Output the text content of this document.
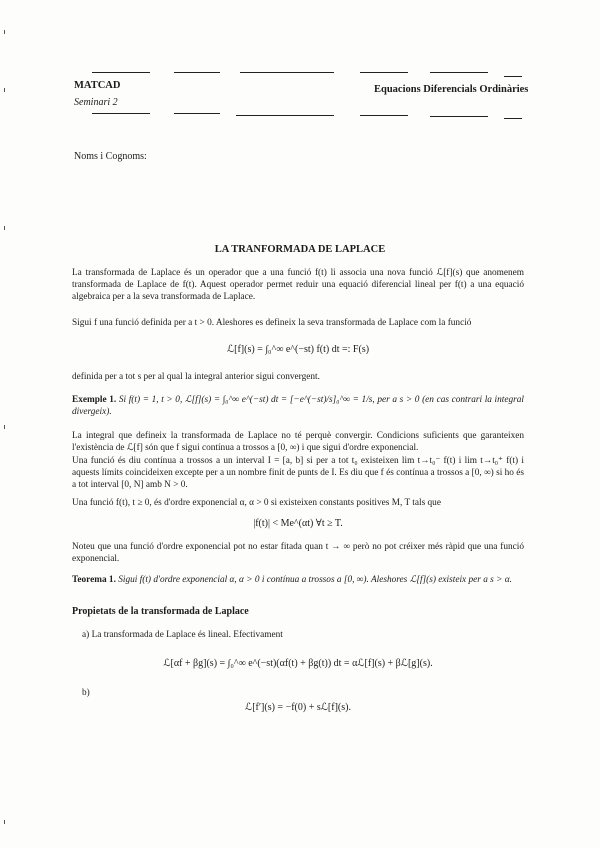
MATCAD	Equacions Diferencials Ordinàries
Seminari 2
Noms i Cognoms:
LA TRANFORMADA DE LAPLACE
La transformada de Laplace és un operador que a una funció f(t) li associa una nova funció ℒ[f](s) que anomenem transformada de Laplace de f(t). Aquest operador permet reduir una equació diferencial lineal per f(t) a una equació algebraica per a la seva transformada de Laplace.
Sigui f una funció definida per a t > 0. Aleshores es defineix la seva transformada de Laplace com la funció
ℒ[f](s) = ∫₀^∞ e^(−st) f(t) dt =: F(s)
definida per a tot s per al qual la integral anterior sigui convergent.
Exemple 1. Si f(t) = 1, t > 0, ℒ[f](s) = ∫₀^∞ e^(−st) dt = [−e^(−st)/s]₀^∞ = 1/s, per a s > 0 (en cas contrari la integral divergeix).
La integral que defineix la transformada de Laplace no té perquè convergir. Condicions suficients que garanteixen l'existència de ℒ[f] són que f sigui contínua a trossos a [0, ∞) i que sigui d'ordre exponencial.
Una funció és diu contínua a trossos a un interval I = [a, b] si per a tot t₀ existeixen lim t→t₀⁻ f(t) i lim t→t₀⁺ f(t) i aquests límits coincideixen excepte per a un nombre finit de punts de I. Es diu que f és contínua a trossos a [0, ∞) si ho és a tot interval [0, N] amb N > 0.
Una funció f(t), t ≥ 0, és d'ordre exponencial α, α > 0 si existeixen constants positives M, T tals que
|f(t)| < Me^(αt) ∀t ≥ T.
Noteu que una funció d'ordre exponencial pot no estar fitada quan t → ∞ però no pot créixer més ràpid que una funció exponencial.
Teorema 1. Sigui f(t) d'ordre exponencial α, α > 0 i contínua a trossos a [0, ∞). Aleshores ℒ[f](s) existeix per a s > α.
Propietats de la transformada de Laplace
a) La transformada de Laplace és lineal. Efectivament
ℒ[αf + βg](s) = ∫₀^∞ e^(−st)(αf(t) + βg(t)) dt = αℒ[f](s) + βℒ[g](s).
b)
ℒ[f′](s) = −f(0) + sℒ[f](s).
